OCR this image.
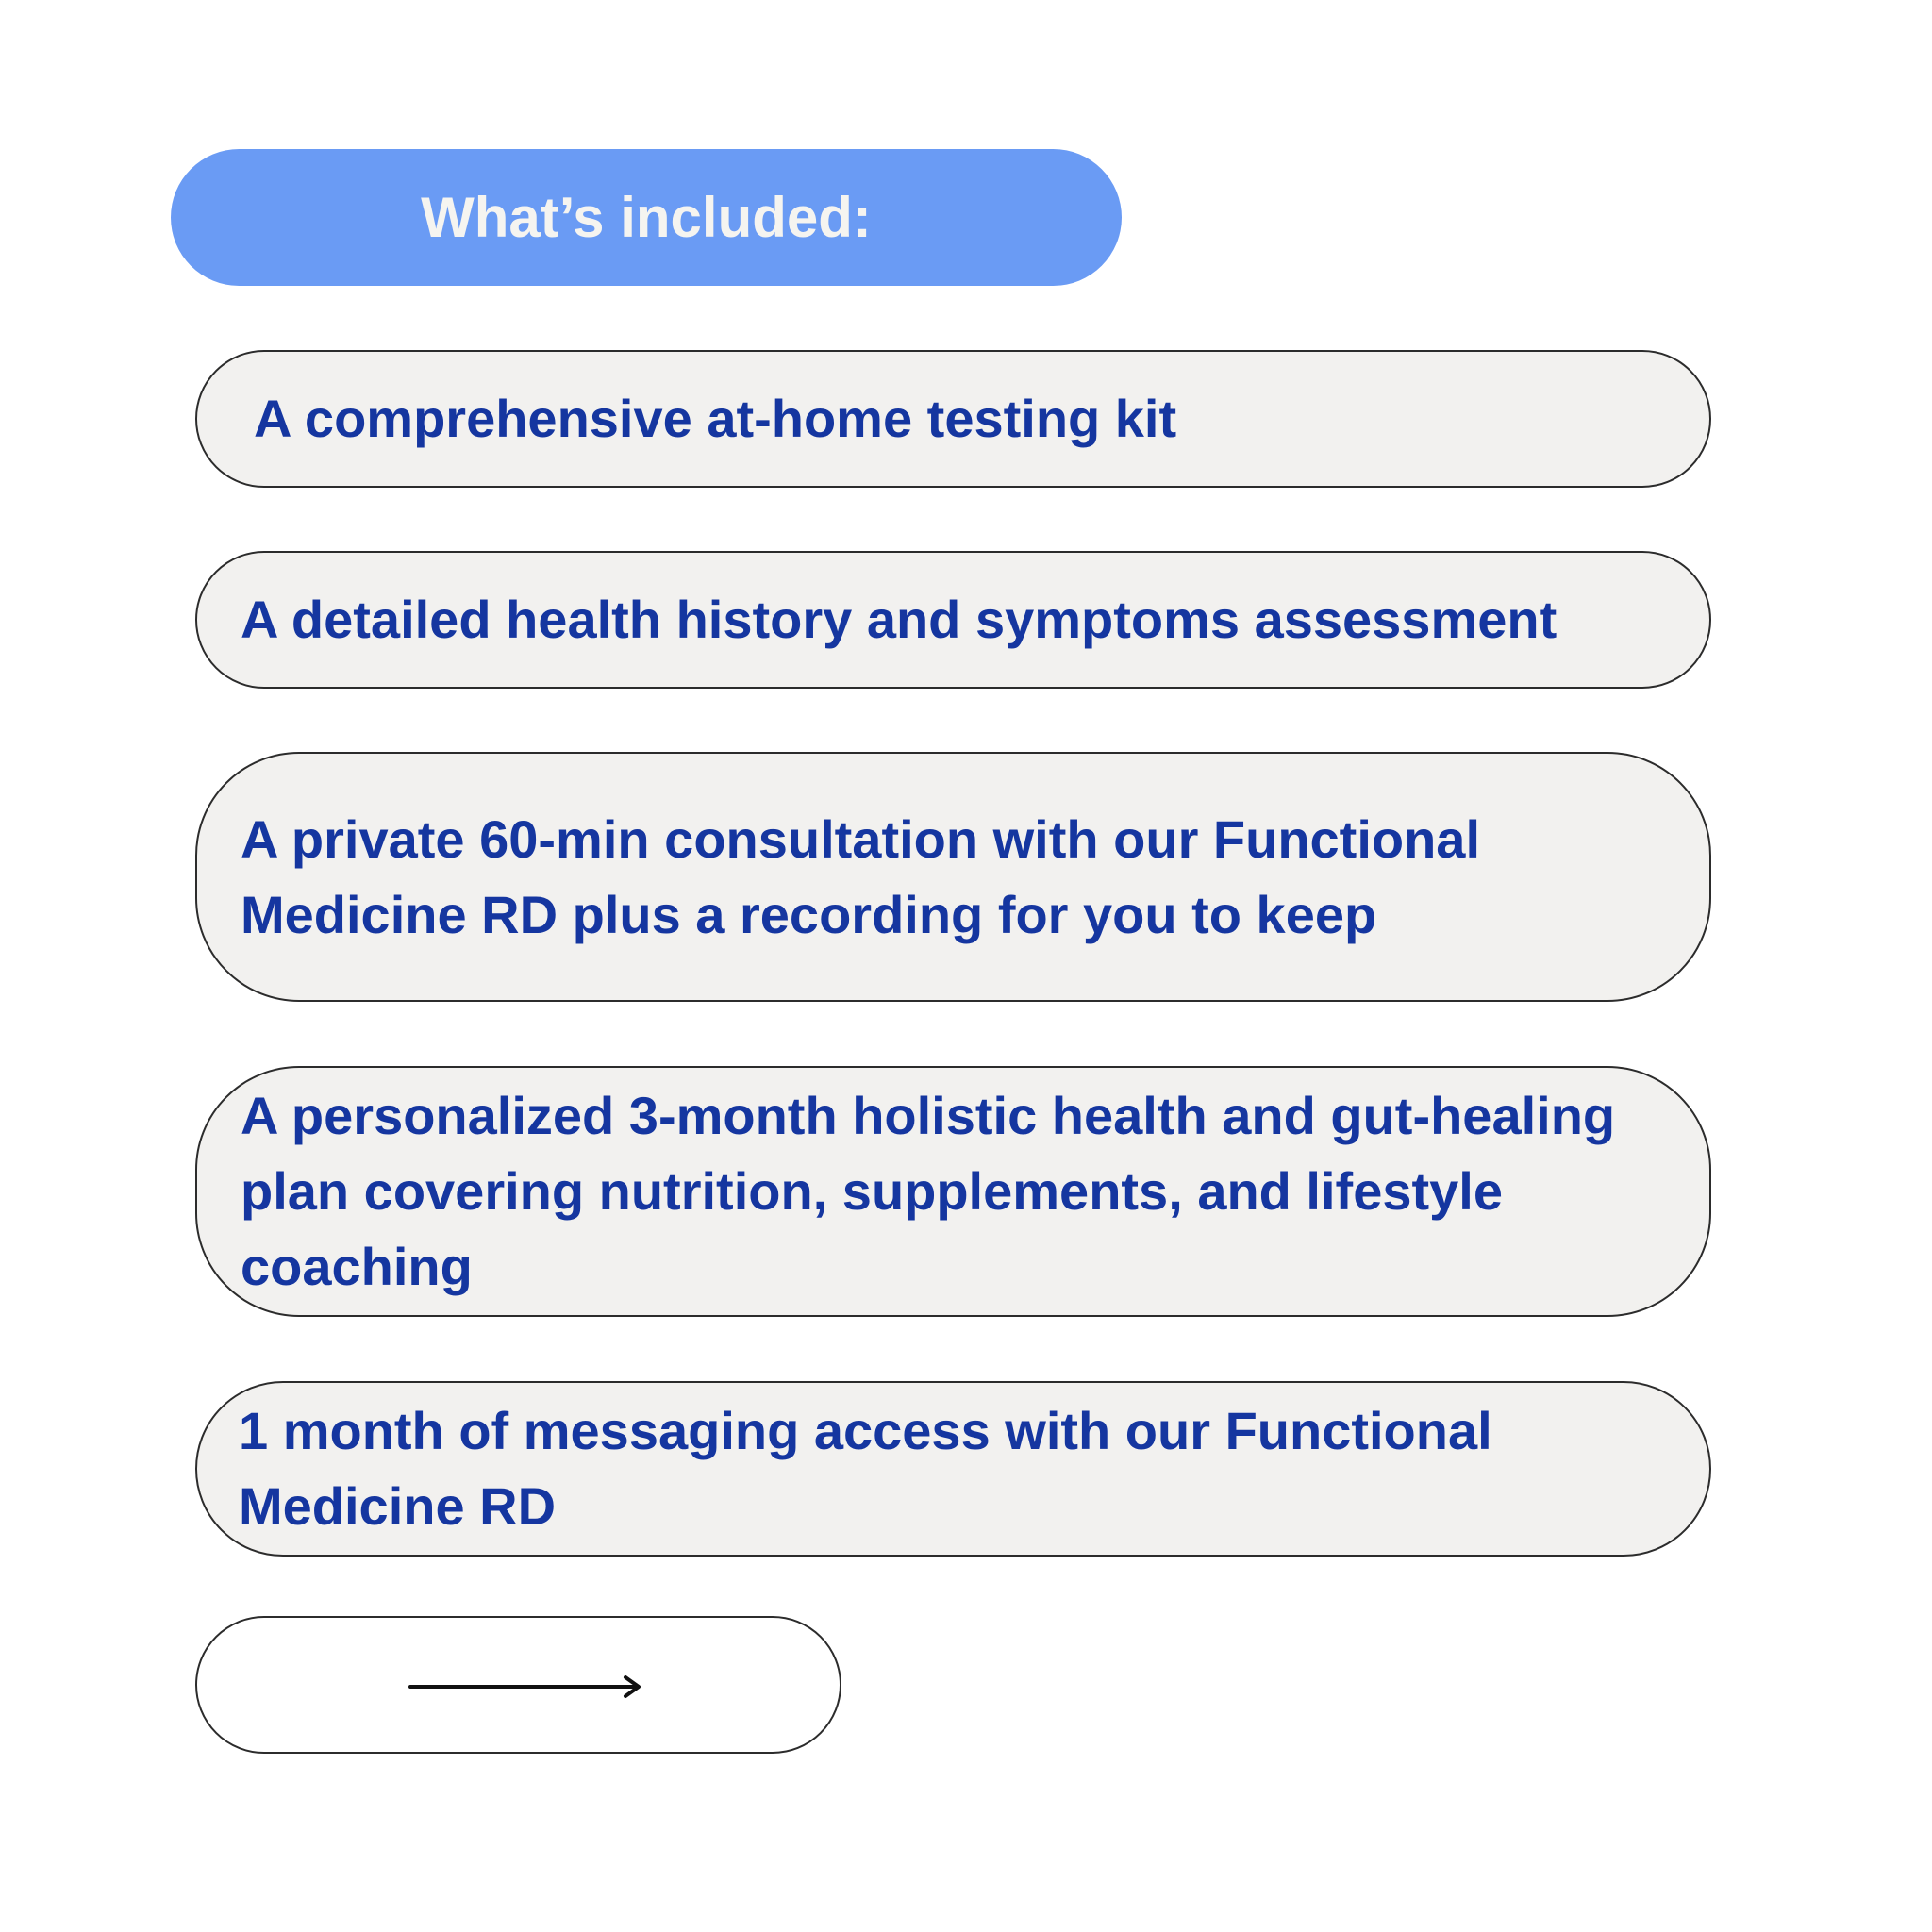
What’s included:
A comprehensive at-home testing kit
A detailed health history and symptoms assessment
A private 60-min consultation with our Functional Medicine RD plus a recording for you to keep
A personalized 3-month holistic health and gut-healing plan covering nutrition, supplements, and lifestyle coaching
1 month of messaging access with our Functional Medicine RD
